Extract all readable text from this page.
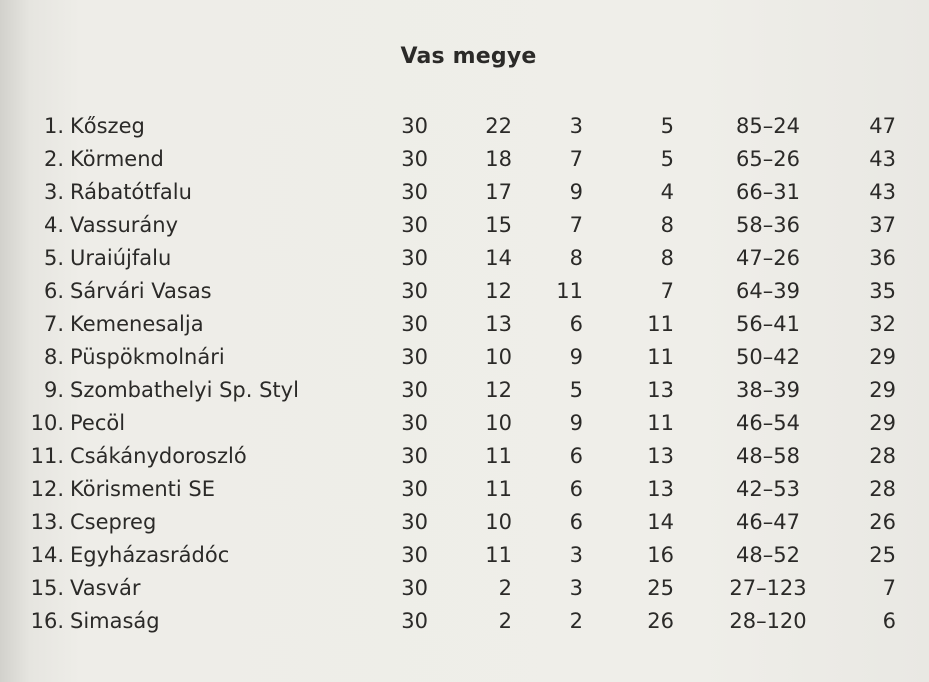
Vas megye
1. Kőszeg	30	22	3	5	85–24	47
2. Körmend	30	18	7	5	65–26	43
3. Rábatótfalu	30	17	9	4	66–31	43
4. Vassurány	30	15	7	8	58–36	37
5. Uraiújfalu	30	14	8	8	47–26	36
6. Sárvári Vasas	30	12	11	7	64–39	35
7. Kemenesalja	30	13	6	11	56–41	32
8. Püspökmolnári	30	10	9	11	50–42	29
9. Szombathelyi Sp. Styl	30	12	5	13	38–39	29
10. Pecöl	30	10	9	11	46–54	29
11. Csákánydoroszló	30	11	6	13	48–58	28
12. Körismenti SE	30	11	6	13	42–53	28
13. Csepreg	30	10	6	14	46–47	26
14. Egyházasrádóc	30	11	3	16	48–52	25
15. Vasvár	30	2	3	25	27–123	7
16. Simaság	30	2	2	26	28–120	6
